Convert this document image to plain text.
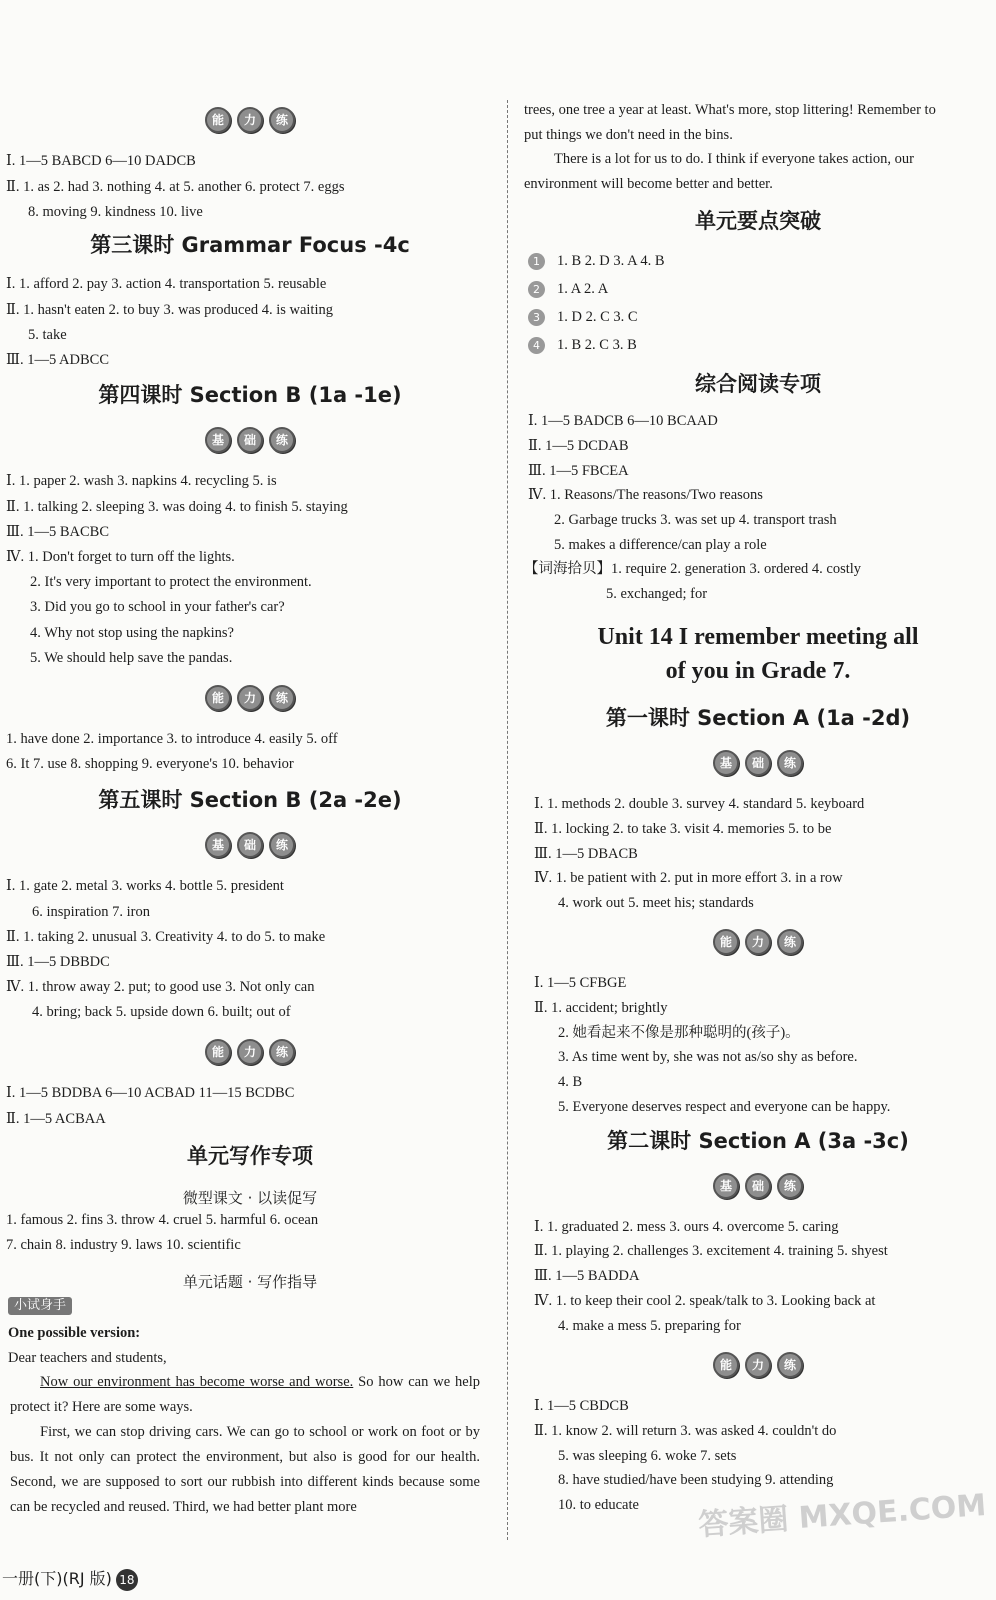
能 力 练
Ⅰ. 1—5 BABCD 6—10 DADCB
Ⅱ. 1. as 2. had 3. nothing 4. at 5. another 6. protect 7. eggs
8. moving 9. kindness 10. live
第三课时 Grammar Focus -4c
Ⅰ. 1. afford 2. pay 3. action 4. transportation 5. reusable
Ⅱ. 1. hasn't eaten 2. to buy 3. was produced 4. is waiting
5. take
Ⅲ. 1—5 ADBCC
第四课时 Section B (1a -1e)
基 础 练
Ⅰ. 1. paper 2. wash 3. napkins 4. recycling 5. is
Ⅱ. 1. talking 2. sleeping 3. was doing 4. to finish 5. staying
Ⅲ. 1—5 BACBC
Ⅳ. 1. Don't forget to turn off the lights.
2. It's very important to protect the environment.
3. Did you go to school in your father's car?
4. Why not stop using the napkins?
5. We should help save the pandas.
能 力 练
1. have done 2. importance 3. to introduce 4. easily 5. off
6. It 7. use 8. shopping 9. everyone's 10. behavior
第五课时 Section B (2a -2e)
基 础 练
Ⅰ. 1. gate 2. metal 3. works 4. bottle 5. president
6. inspiration 7. iron
Ⅱ. 1. taking 2. unusual 3. Creativity 4. to do 5. to make
Ⅲ. 1—5 DBBDC
Ⅳ. 1. throw away 2. put; to good use 3. Not only can
4. bring; back 5. upside down 6. built; out of
能 力 练
Ⅰ. 1—5 BDDBA 6—10 ACBAD 11—15 BCDBC
Ⅱ. 1—5 ACBAA
单元写作专项
微型课文 · 以读促写
1. famous 2. fins 3. throw 4. cruel 5. harmful 6. ocean
7. chain 8. industry 9. laws 10. scientific
单元话题 · 写作指导
小试身手
One possible version:
Dear teachers and students,
Now our environment has become worse and worse. So how can we help protect it? Here are some ways.
First, we can stop driving cars. We can go to school or work on foot or by bus. It not only can protect the environment, but also is good for our health. Second, we are supposed to sort our rubbish into different kinds because some can be recycled and reused. Third, we had better plant more
一册(下)(RJ 版) 18
trees, one tree a year at least. What's more, stop littering! Remember to
put things we don't need in the bins.
There is a lot for us to do. I think if everyone takes action, our
environment will become better and better.
单元要点突破
1 1. B 2. D 3. A 4. B
2 1. A 2. A
3 1. D 2. C 3. C
4 1. B 2. C 3. B
综合阅读专项
Ⅰ. 1—5 BADCB 6—10 BCAAD
Ⅱ. 1—5 DCDAB
Ⅲ. 1—5 FBCEA
Ⅳ. 1. Reasons/The reasons/Two reasons
2. Garbage trucks 3. was set up 4. transport trash
5. makes a difference/can play a role
【词海拾贝】1. require 2. generation 3. ordered 4. costly
5. exchanged; for
Unit 14 I remember meeting all
of you in Grade 7.
第一课时 Section A (1a -2d)
基 础 练
Ⅰ. 1. methods 2. double 3. survey 4. standard 5. keyboard
Ⅱ. 1. locking 2. to take 3. visit 4. memories 5. to be
Ⅲ. 1—5 DBACB
Ⅳ. 1. be patient with 2. put in more effort 3. in a row
4. work out 5. meet his; standards
能 力 练
Ⅰ. 1—5 CFBGE
Ⅱ. 1. accident; brightly
2. 她看起来不像是那种聪明的(孩子)。
3. As time went by, she was not as/so shy as before.
4. B
5. Everyone deserves respect and everyone can be happy.
第二课时 Section A (3a -3c)
基 础 练
Ⅰ. 1. graduated 2. mess 3. ours 4. overcome 5. caring
Ⅱ. 1. playing 2. challenges 3. excitement 4. training 5. shyest
Ⅲ. 1—5 BADDA
Ⅳ. 1. to keep their cool 2. speak/talk to 3. Looking back at
4. make a mess 5. preparing for
能 力 练
Ⅰ. 1—5 CBDCB
Ⅱ. 1. know 2. will return 3. was asked 4. couldn't do
5. was sleeping 6. woke 7. sets
8. have studied/have been studying 9. attending
10. to educate 答案圈 MXQE.COM
